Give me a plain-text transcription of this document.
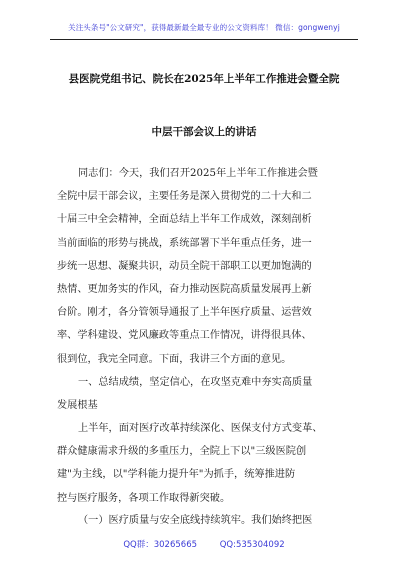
关注头条号"公文研究"，获得最新最全最专业的公文资料库！ 微信：gongwenyj
县医院党组书记、院长在2025年上半年工作推进会暨全院
中层干部会议上的讲话
同志们：今天，我们召开2025年上半年工作推进会暨
全院中层干部会议，主要任务是深入贯彻党的二十大和二
十届三中全会精神，全面总结上半年工作成效，深刻剖析
当前面临的形势与挑战，系统部署下半年重点任务，进一
步统一思想、凝聚共识，动员全院干部职工以更加饱满的
热情、更加务实的作风，奋力推动医院高质量发展再上新
台阶。刚才，各分管领导通报了上半年医疗质量、运营效
率、学科建设、党风廉政等重点工作情况，讲得很具体、
很到位，我完全同意。下面，我讲三个方面的意见。
一、总结成绩，坚定信心，在攻坚克难中夯实高质量
发展根基
上半年，面对医疗改革持续深化、医保支付方式变革、
群众健康需求升级的多重压力，全院上下以"三级医院创
建"为主线，以"学科能力提升年"为抓手，统筹推进防
控与医疗服务，各项工作取得新突破。
（一）医疗质量与安全底线持续筑牢。我们始终把医
QQ群：30265665	QQ:535304092
